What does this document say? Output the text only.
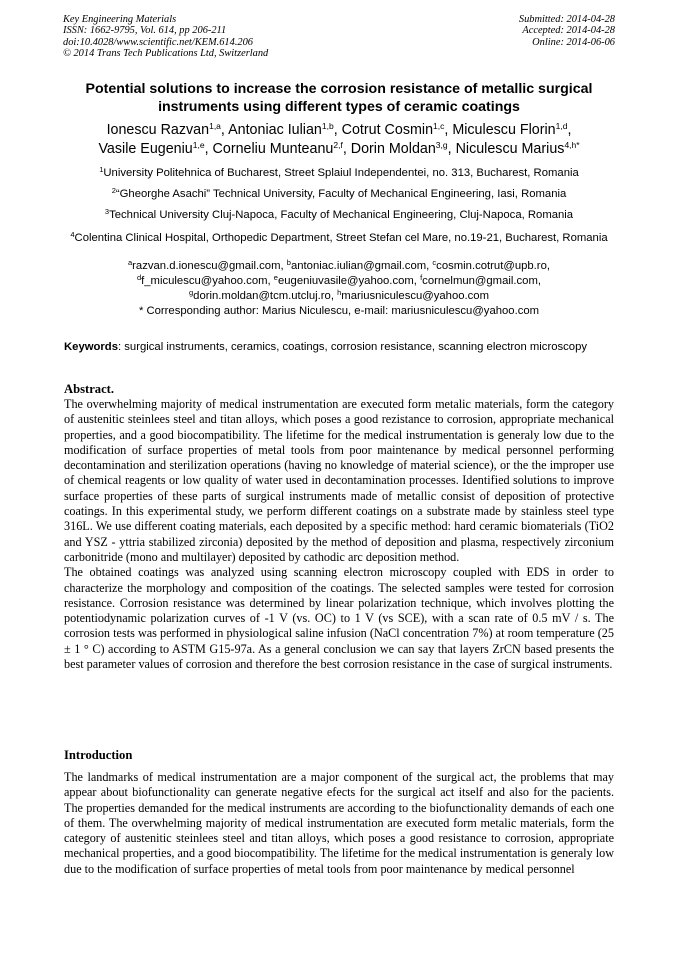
Key Engineering Materials
ISSN: 1662-9795, Vol. 614, pp 206-211
doi:10.4028/www.scientific.net/KEM.614.206
© 2014 Trans Tech Publications Ltd, Switzerland
Submitted: 2014-04-28
Accepted: 2014-04-28
Online: 2014-06-06
Potential solutions to increase the corrosion resistance of metallic surgical instruments using different types of ceramic coatings
Ionescu Razvan$^{1,a}$, Antoniac Iulian$^{1,b}$, Cotrut Cosmin$^{1,c}$, Miculescu Florin$^{1,d}$,
Vasile Eugeniu$^{1,e}$, Corneliu Munteanu$^{2,f}$, Dorin Moldan$^{3,g}$, Niculescu Marius$^{4,h*}$
$^1$University Politehnica of Bucharest, Street Splaiul Independentei, no. 313, Bucharest, Romania
$^2$“Gheorghe Asachi” Technical University, Faculty of Mechanical Engineering, Iasi, Romania
$^3$Technical University Cluj-Napoca, Faculty of Mechanical Engineering, Cluj-Napoca, Romania
$^4$Colentina Clinical Hospital, Orthopedic Department, Street Stefan cel Mare, no.19-21, Bucharest, Romania
$^a$razvan.d.ionescu@gmail.com, $^b$antoniac.iulian@gmail.com, $^c$cosmin.cotrut@upb.ro,
$^d$f_miculescu@yahoo.com, $^e$eugeniuvasile@yahoo.com, $^f$cornelmun@gmail.com,
$^g$dorin.moldan@tcm.utcluj.ro, $^h$mariusniculescu@yahoo.com
* Corresponding author: Marius Niculescu, e-mail: mariusniculescu@yahoo.com
Keywords: surgical instruments, ceramics, coatings, corrosion resistance, scanning electron microscopy
Abstract.

The overwhelming majority of medical instrumentation are executed form metalic materials, form the category of austenitic steinlees steel and titan alloys, which poses a good rezistance to corrosion, appropriate mechanical properties, and a good biocompatibility. The lifetime for the medical instrumentation is generaly low due to the modification of surface properties of metal tools from poor maintenance by medical personnel performing decontamination and sterilization operations (having no knowledge of material science), or the the improper use of chemical reagents or low quality of water used in decontamination processes. Identified solutions to improve surface properties of these parts of surgical instruments made of metallic consist of deposition of protective coatings. In this experimental study, we perform different coatings on a substrate made by stainless steel type 316L. We use different coating materials, each deposited by a specific method: hard ceramic biomaterials (TiO2 and YSZ - yttria stabilized zirconia) deposited by the method of deposition and plasma, respectively zirconium carbonitride (mono and multilayer) deposited by cathodic arc deposition method.

The obtained coatings was analyzed using scanning electron microscopy coupled with EDS in order to characterize the morphology and composition of the coatings. The selected samples were tested for corrosion resistance. Corrosion resistance was determined by linear polarization technique, which involves plotting the potentiodynamic polarization curves of -1 V (vs. OC) to 1 V (vs SCE), with a scan rate of 0.5 mV / s. The corrosion tests was performed in physiological saline infusion (NaCl concentration 7%) at room temperature (25 ± 1 ° C) according to ASTM G15-97a. As a general conclusion we can say that layers ZrCN based presents the best parameter values of corrosion and therefore the best corrosion resistance in the case of surgical instruments.

Introduction

The landmarks of medical instrumentation are a major component of the surgical act, the problems that may appear about biofunctionality can generate negative efects for the surgical act itself and also for the pacients. The properties demanded for the medical instruments are according to the biofunctionality demands of each one of them. The overwhelming majority of medical instrumentation are executed form metalic materials, form the category of austenitic steinlees steel and titan alloys, which poses a good resistance to corrosion, appropriate mechanical properties, and a good biocompatibility. The lifetime for the medical instrumentation is generaly low due to the modification of surface properties of metal tools from poor maintenance by medical personnel
